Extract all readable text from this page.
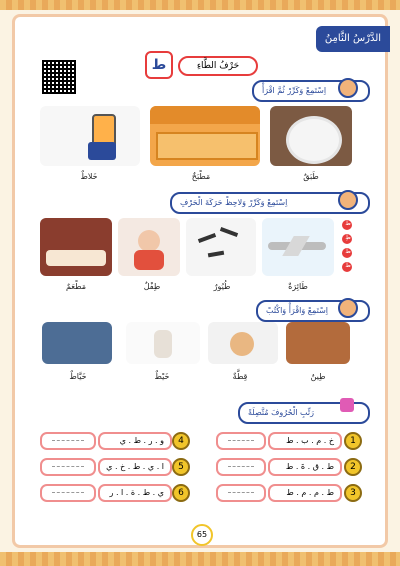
الدَّرْسُ الثَّامِنُ
ط	حَرْفُ الطَّاءِ
اِسْتَمِعْ وَكَرِّرْ ثُمَّ اقْرَأْ
طَبَقٌ
مَطْبَخٌ
خَلاطٌ
اِسْتَمِعْ وَكَرِّرْ وَلاحِظْ حَرَكَةَ الْحَرْفِ
طَائِرَةٌ
طُيُورٌ
طِفْلٌ
مَطْعَمٌ
اِسْتَمِعْ وَاقْرَأْ وَاكْتُبْ
طِينٌ
قِطَّةٌ
خَيْطٌ
خَيَّاطٌ
رَتِّبِ الْحُرُوفَ مُتَّصِلَةً
1
خ . م . ب . ط
2
ط . ق . ةَ . ط
3
ط . م . م . ط
4
و . ر . ط . ي
5
ا . ي . ط . خ . ي
6
ي . ط . ة . ا . ر
طَ
طِ
طُ
طْ
65
